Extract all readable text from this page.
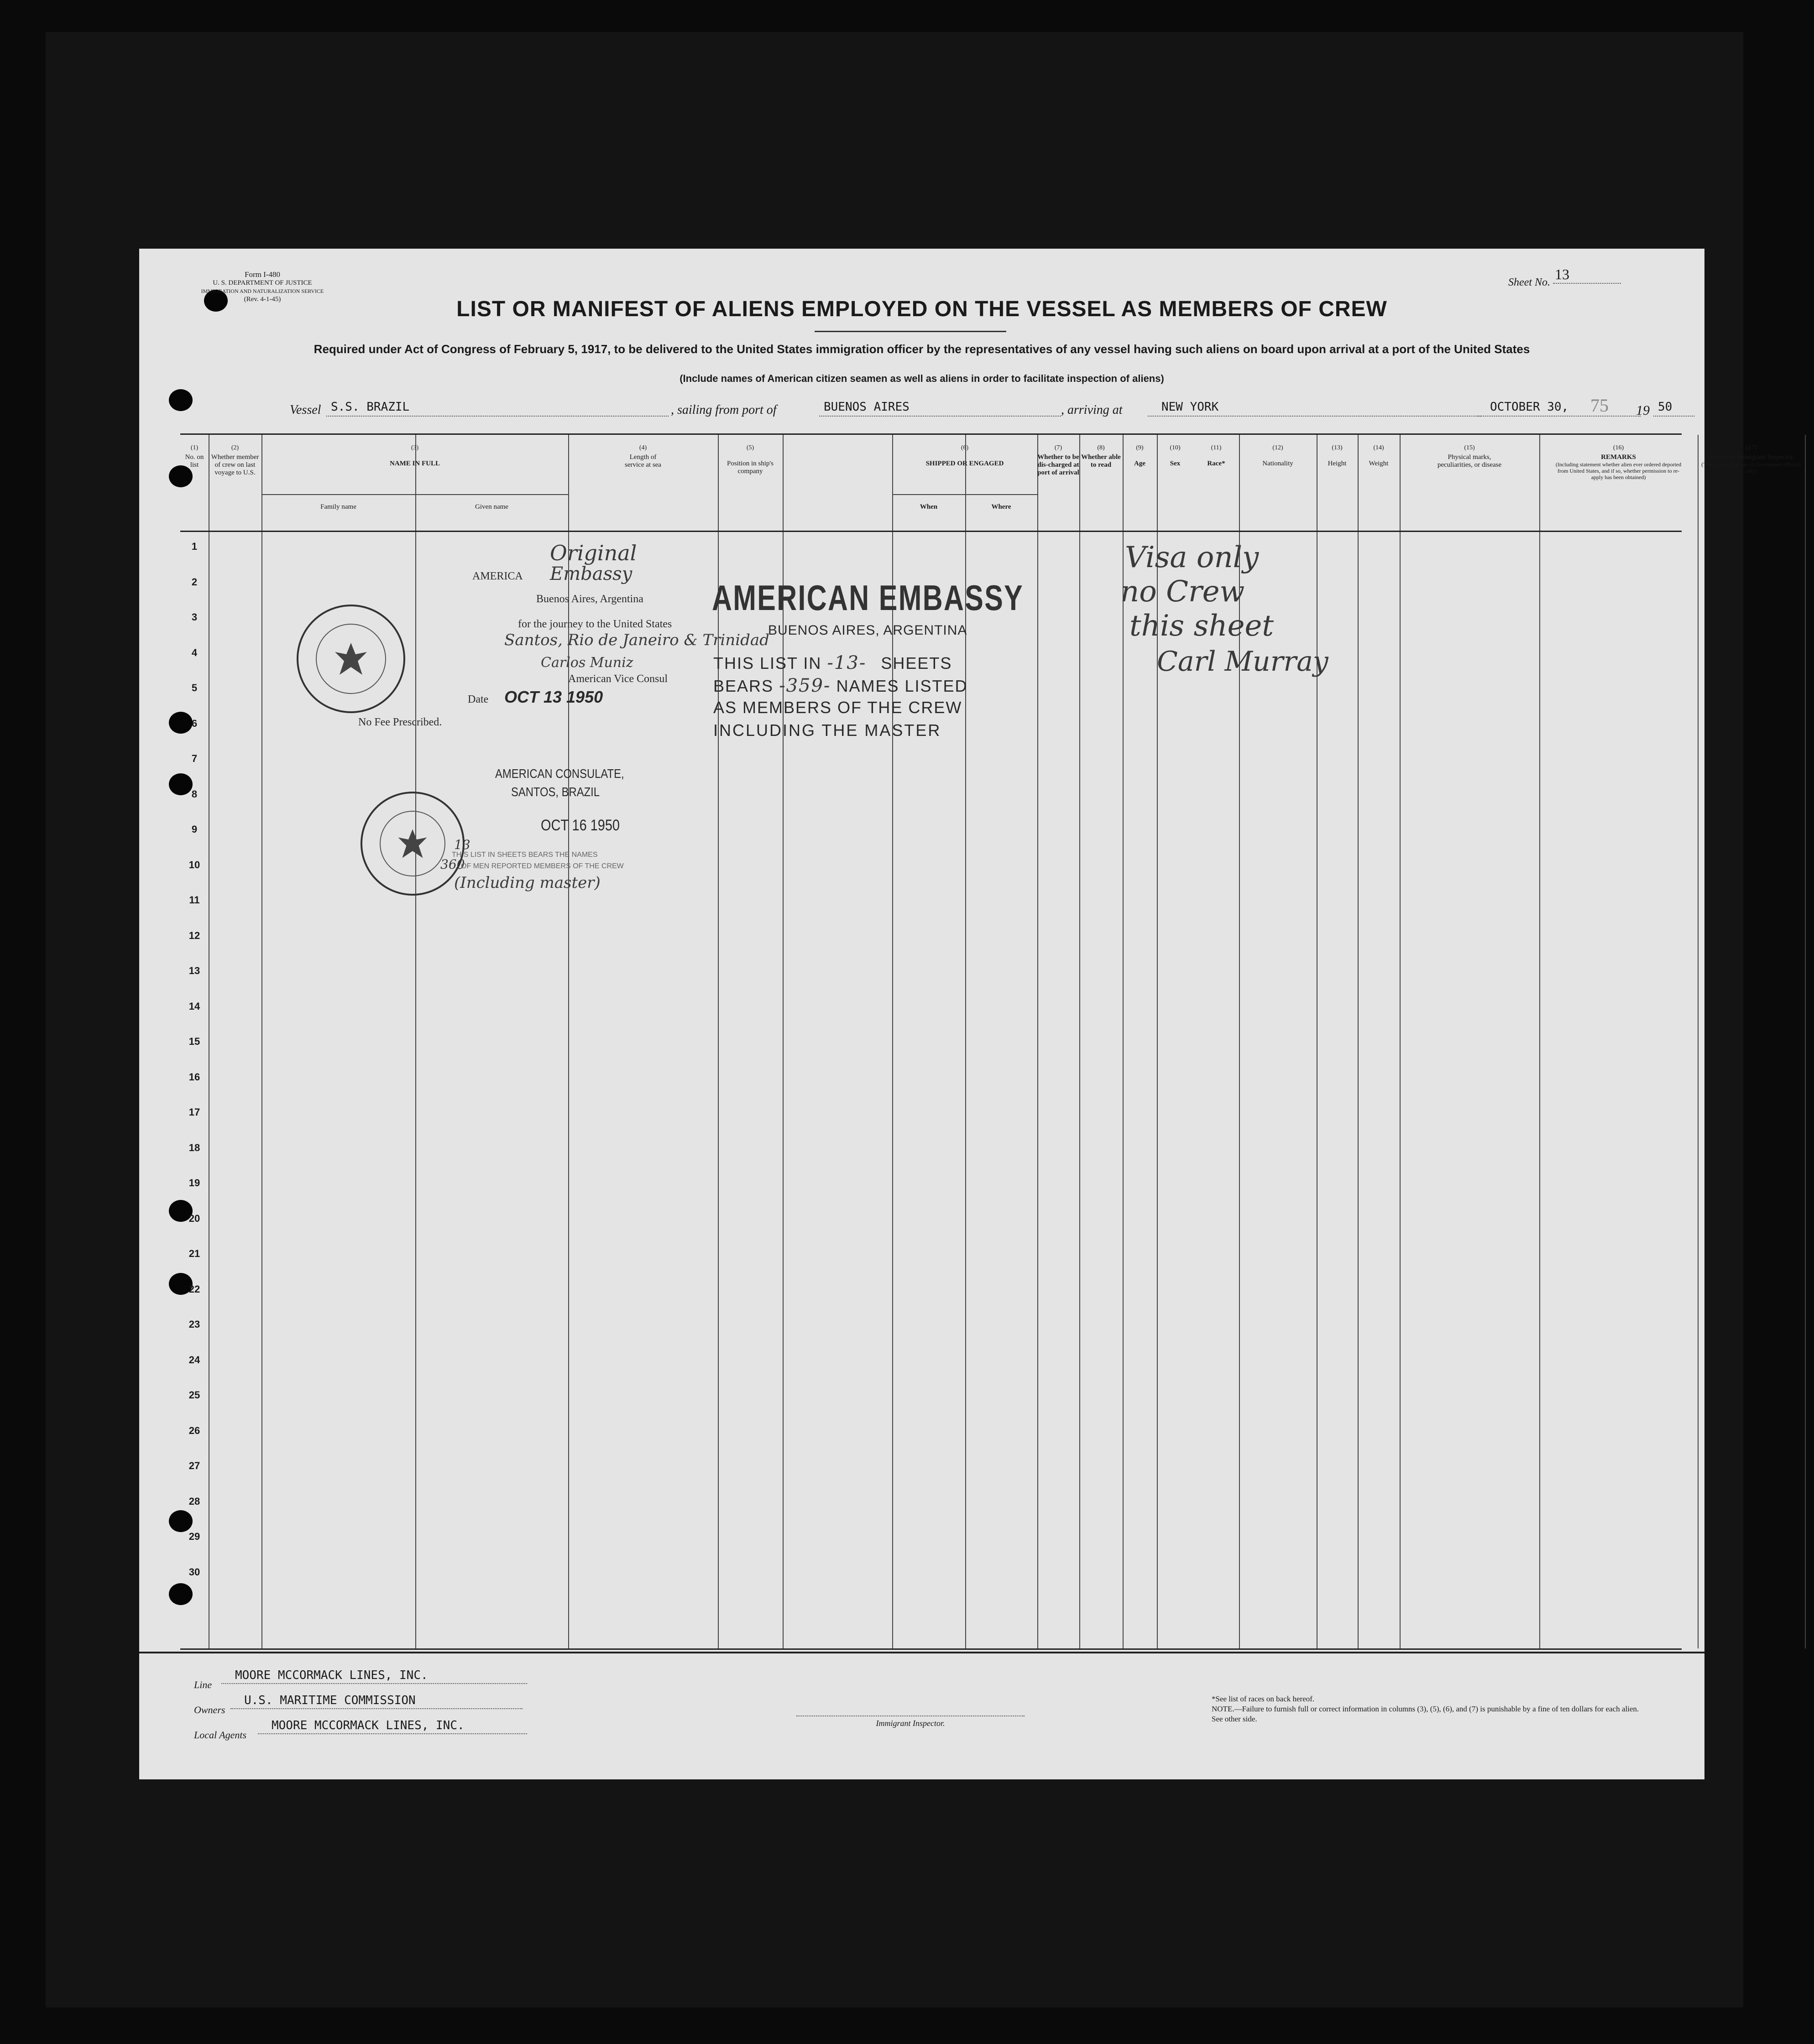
Form I-480
U. S. DEPARTMENT OF JUSTICE
IMMIGRATION AND NATURALIZATION SERVICE
(Rev. 4-1-45)
Sheet No. 13
LIST OR MANIFEST OF ALIENS EMPLOYED ON THE VESSEL AS MEMBERS OF CREW
Required under Act of Congress of February 5, 1917, to be delivered to the United States immigration officer by the representatives of any vessel having such aliens on board upon arrival at a port of the United States
(Include names of American citizen seamen as well as aliens in order to facilitate inspection of aliens)
Vessel S.S. BRAZIL	, sailing from port of	BUENOS AIRES	, arriving at	NEW YORK	OCTOBER 30,	19 50
75
(1)
No. on list
(2)
Whether member of crew on last voyage to U.S.
(3)
NAME IN FULL
Family name	Given name
(4)
Length of service at sea
(5)
Position in ship's company
(6)
SHIPPED OR ENGAGED
When	Where
(7)
Whether to be dis-charged at port of arrival
(8)
Whether able to read
(9)
Age
(10)
Sex
(11)
Race*
(12)
Nationality
(13)
Height
(14)
Weight
(15)
Physical marks, peculiarities, or disease
(16)
REMARKS
(Including statement whether alien ever ordered deported from United States, and if so, whether permission to re-apply has been obtained)
(17)
Action of Immigrant Inspector
(This column for use of Government officials only)
1
2
3
4
5
6
7
8
9
10
11
12
13
14
15
16
17
18
19
20
21
22
23
24
25
26
27
28
29
30
Original
AMERICA Embassy
Buenos Aires, Argentina
for the journey to the United States
Santos, Rio de Janeiro & Trinidad
Carlos Muniz
American Vice Consul
Date OCT 13 1950
No Fee Prescribed.
AMERICAN EMBASSY
BUENOS AIRES, ARGENTINA
THIS LIST IN -13- SHEETS
BEARS -359- NAMES LISTED
AS MEMBERS OF THE CREW
INCLUDING THE MASTER
AMERICAN CONSULATE,
SANTOS, BRAZIL
OCT 16 1950
13
THIS LIST IN SHEETS BEARS THE NAMES
360
OF MEN REPORTED MEMBERS OF THE CREW
(Including master)
Visa only
no Crew
this sheet
Carl Murray
Line
MOORE MCCORMACK LINES, INC.
Owners
U.S. MARITIME COMMISSION
Local Agents
MOORE MCCORMACK LINES, INC.	Immigrant Inspector.
*See list of races on back hereof.
NOTE.—Failure to furnish full or correct information in columns (3), (5), (6), and (7) is punishable by a fine of ten dollars for each alien. See other side.
